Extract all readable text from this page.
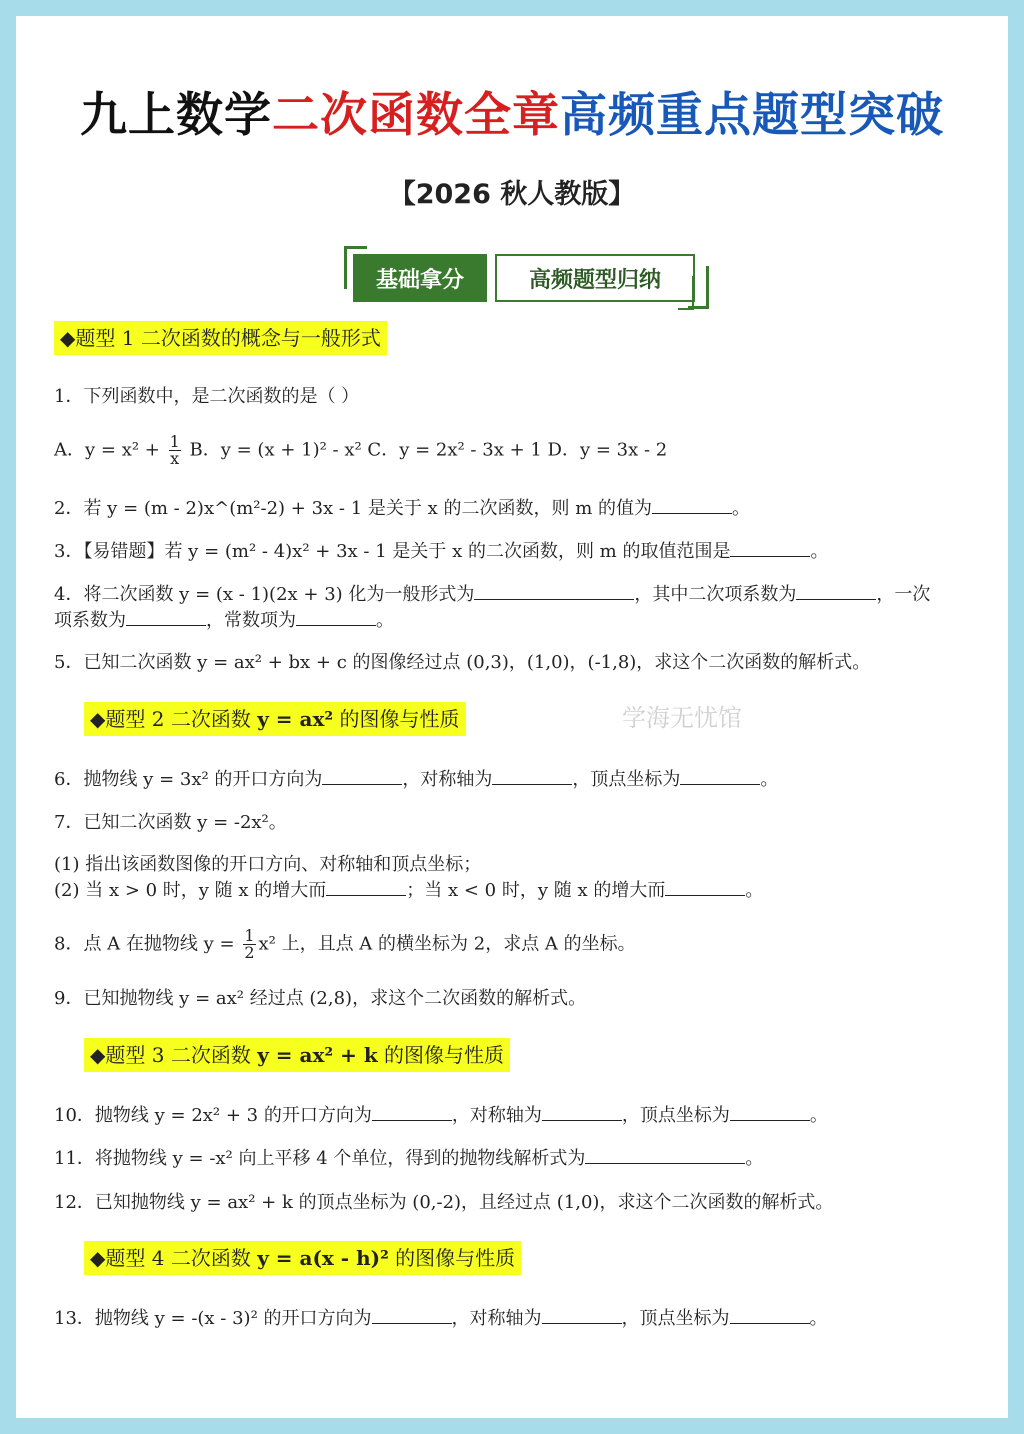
九上数学二次函数全章高频重点题型突破
【2026 秋人教版】
基础拿分	高频题型归纳
◆题型 1 二次函数的概念与一般形式
1．下列函数中，是二次函数的是（ ）
A．$y = x^2 + \frac{1}{x}$ B．y = (x + 1)² - x² C．y = 2x² - 3x + 1 D．y = 3x - 2
2．若 y = (m - 2)x^(m²-2) + 3x - 1 是关于 x 的二次函数，则 m 的值为	。
3．【易错题】若 y = (m² - 4)x² + 3x - 1 是关于 x 的二次函数，则 m 的取值范围是	。
4．将二次函数 y = (x - 1)(2x + 3) 化为一般形式为	，其中二次项系数为	，一次
项系数为	，常数项为	。
5．已知二次函数 y = ax² + bx + c 的图像经过点 (0,3)，(1,0)，(-1,8)，求这个二次函数的解析式。
◆题型 2 二次函数 y = ax² 的图像与性质	学海无忧馆
6．抛物线 y = 3x² 的开口方向为	，对称轴为	，顶点坐标为	。
7．已知二次函数 y = -2x²。
(1) 指出该函数图像的开口方向、对称轴和顶点坐标；
(2) 当 x > 0 时，y 随 x 的增大而	；当 x < 0 时，y 随 x 的增大而	。
8．点 A 在抛物线 $y = \frac{1}{2} x^2$ 上，且点 A 的横坐标为 2，求点 A 的坐标。
9．已知抛物线 y = ax² 经过点 (2,8)，求这个二次函数的解析式。
◆题型 3 二次函数 y = ax² + k 的图像与性质
10．抛物线 y = 2x² + 3 的开口方向为	，对称轴为	，顶点坐标为	。
11．将抛物线 y = -x² 向上平移 4 个单位，得到的抛物线解析式为	。
12．已知抛物线 y = ax² + k 的顶点坐标为 (0,-2)，且经过点 (1,0)，求这个二次函数的解析式。
◆题型 4 二次函数 y = a(x - h)² 的图像与性质
13．抛物线 y = -(x - 3)² 的开口方向为	，对称轴为	，顶点坐标为	。
